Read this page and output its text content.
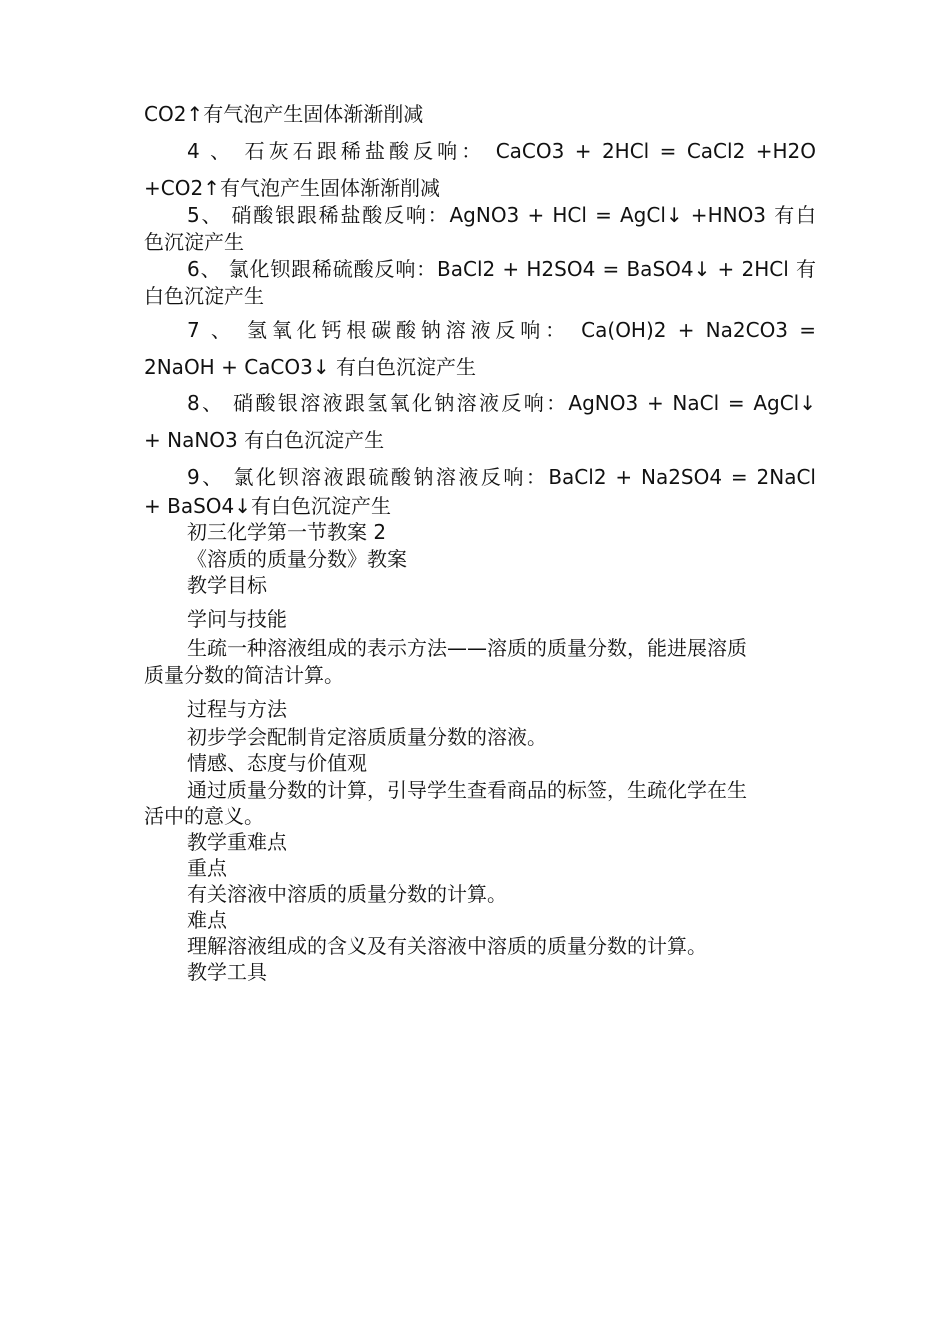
CO2↑有气泡产生固体渐渐削减
4 、 石灰石跟稀盐酸反响： CaCO3 + 2HCl = CaCl2 +H2O
+CO2↑有气泡产生固体渐渐削减
5、 硝酸银跟稀盐酸反响：AgNO3 + HCl = AgCl↓ +HNO3 有白
色沉淀产生
6、 氯化钡跟稀硫酸反响：BaCl2 + H2SO4 = BaSO4↓ + 2HCl 有
白色沉淀产生
7 、 氢氧化钙根碳酸钠溶液反响： Ca(OH)2 + Na2CO3 =
2NaOH + CaCO3↓ 有白色沉淀产生
8、 硝酸银溶液跟氢氧化钠溶液反响：AgNO3 + NaCl = AgCl↓
+ NaNO3 有白色沉淀产生
9、 氯化钡溶液跟硫酸钠溶液反响：BaCl2 + Na2SO4 = 2NaCl
+ BaSO4↓有白色沉淀产生
初三化学第一节教案 2
《溶质的质量分数》教案
教学目标
学问与技能
生疏一种溶液组成的表示方法——溶质的质量分数，能进展溶质
质量分数的简洁计算。
过程与方法
初步学会配制肯定溶质质量分数的溶液。
情感、态度与价值观
通过质量分数的计算，引导学生查看商品的标签，生疏化学在生
活中的意义。
教学重难点
重点
有关溶液中溶质的质量分数的计算。
难点
理解溶液组成的含义及有关溶液中溶质的质量分数的计算。
教学工具
